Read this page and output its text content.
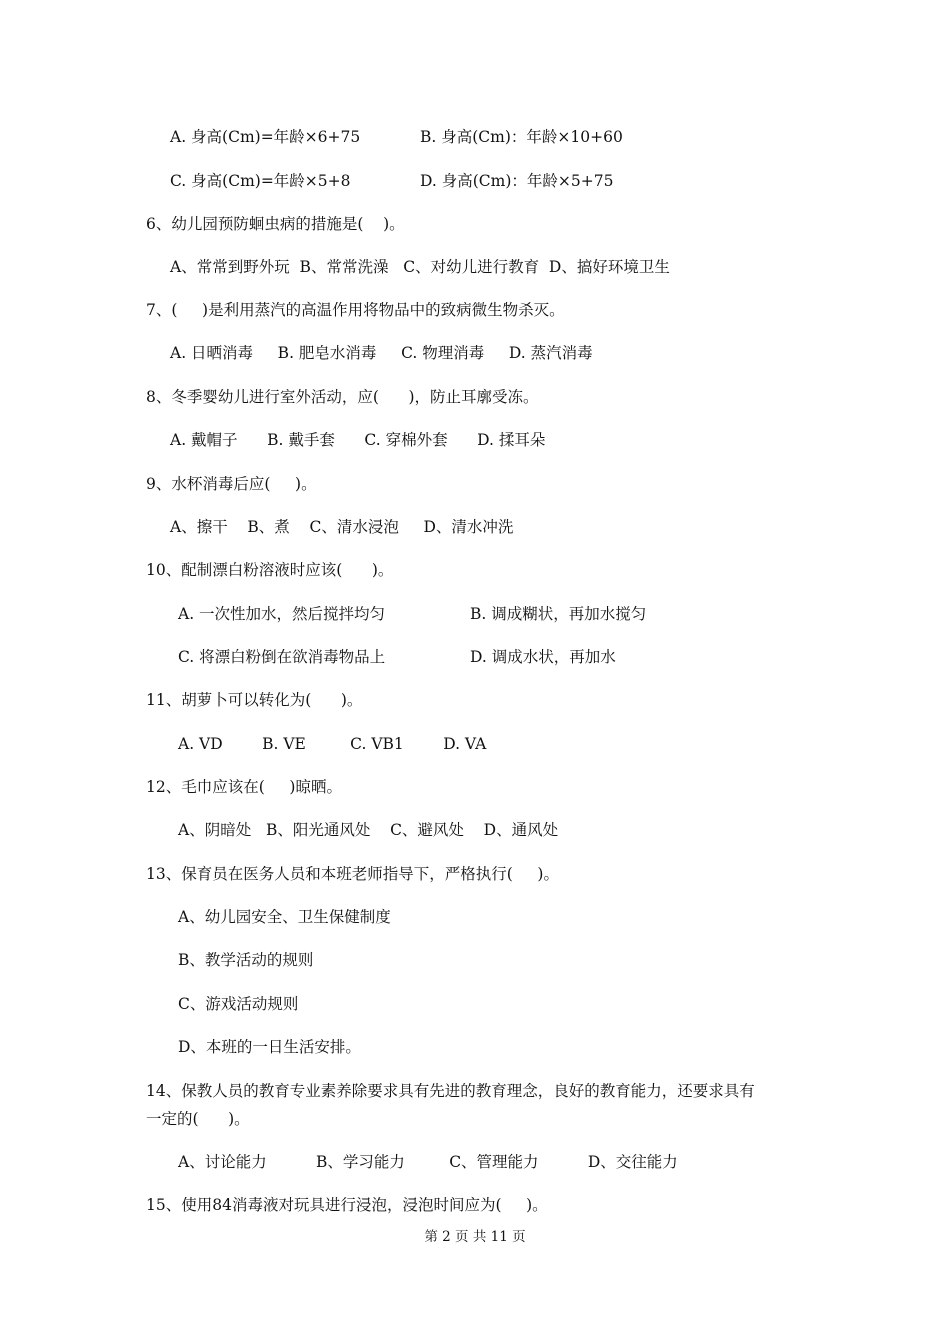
A. 身高(Cm)=年龄×6+75	B. 身高(Cm)：年龄×10+60
C. 身高(Cm)=年龄×5+8	D. 身高(Cm)：年龄×5+75
6、幼儿园预防蛔虫病的措施是(    )。
A、常常到野外玩  B、常常洗澡   C、对幼儿进行教育  D、搞好环境卫生
7、(     )是利用蒸汽的高温作用将物品中的致病微生物杀灭。
A. 日晒消毒     B. 肥皂水消毒     C. 物理消毒     D. 蒸汽消毒
8、冬季婴幼儿进行室外活动，应(      )，防止耳廓受冻。
A. 戴帽子      B. 戴手套      C. 穿棉外套      D. 揉耳朵
9、水杯消毒后应(     )。
A、擦干    B、煮    C、清水浸泡     D、清水冲洗
10、配制漂白粉溶液时应该(      )。
A. 一次性加水，然后搅拌均匀	B. 调成糊状，再加水搅匀
C. 将漂白粉倒在欲消毒物品上	D. 调成水状，再加水
11、胡萝卜可以转化为(      )。
A. VD        B. VE         C. VB1        D. VA
12、毛巾应该在(     )晾晒。
A、阴暗处   B、阳光通风处    C、避风处    D、通风处
13、保育员在医务人员和本班老师指导下，严格执行(     )。
A、幼儿园安全、卫生保健制度
B、教学活动的规则
C、游戏活动规则
D、本班的一日生活安排。
14、保教人员的教育专业素养除要求具有先进的教育理念，良好的教育能力，还要求具有
一定的(      )。
A、讨论能力          B、学习能力         C、管理能力          D、交往能力
15、使用84消毒液对玩具进行浸泡，浸泡时间应为(     )。
第 2 页 共 11 页
